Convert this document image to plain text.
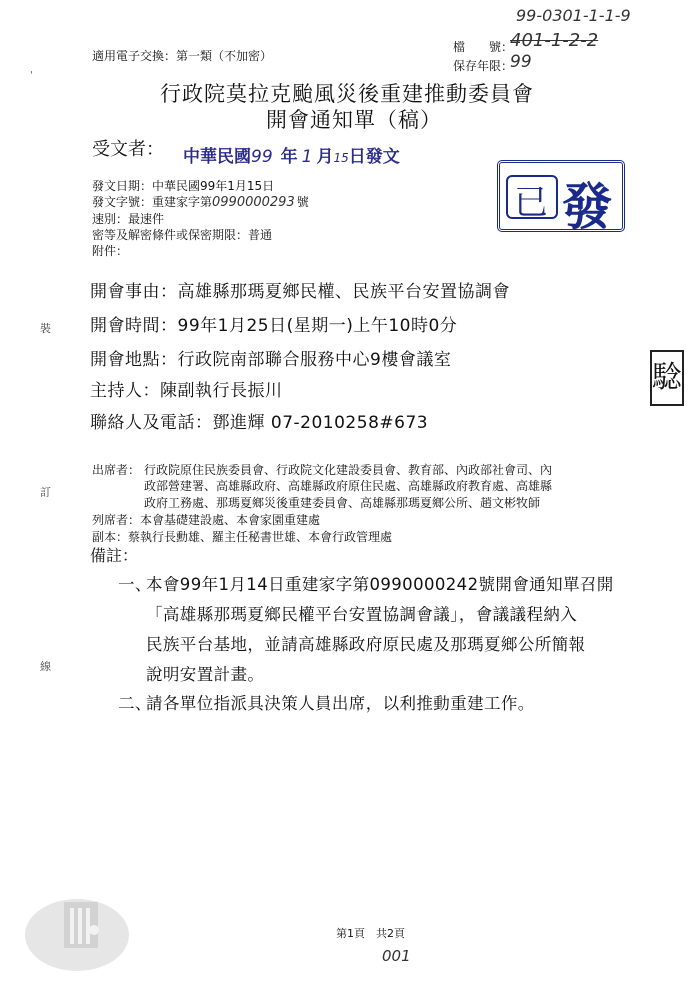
99-0301-1-1-9
適用電子交換：第一類（不加密）
檔　　號：
401-1-2-2
保存年限：
99
行政院莫拉克颱風災後重建推動委員會
開會通知單（稿）
受文者： 中華民國99 年 1 月15日發文
已 發
發文日期：中華民國99年1月15日
發文字號：重建家字第0990000293 號
速別：最速件
密等及解密條件或保密期限：普通
附件：
開會事由：高雄縣那瑪夏鄉民權、民族平台安置協調會
開會時間：99年1月25日(星期一)上午10時0分
開會地點：行政院南部聯合服務中心9樓會議室
主持人：陳副執行長振川
聯絡人及電話：鄧進輝 07-2010258#673
騐
出席者： 行政院原住民族委員會、行政院文化建設委員會、教育部、內政部社會司、內
政部營建署、高雄縣政府、高雄縣政府原住民處、高雄縣政府教育處、高雄縣
政府工務處、那瑪夏鄉災後重建委員會、高雄縣那瑪夏鄉公所、趙文彬牧師
列席者：本會基礎建設處、本會家園重建處
副本：蔡執行長勳雄、羅主任秘書世雄、本會行政管理處
備註：
一、
本會99年1月14日重建家字第0990000242號開會通知單召開
「高雄縣那瑪夏鄉民權平台安置協調會議」，會議議程納入
民族平台基地，並請高雄縣政府原民處及那瑪夏鄉公所簡報
說明安置計畫。
二、
請各單位指派具決策人員出席，以利推動重建工作。
'
裝
訂
線
第1頁　共2頁
001
